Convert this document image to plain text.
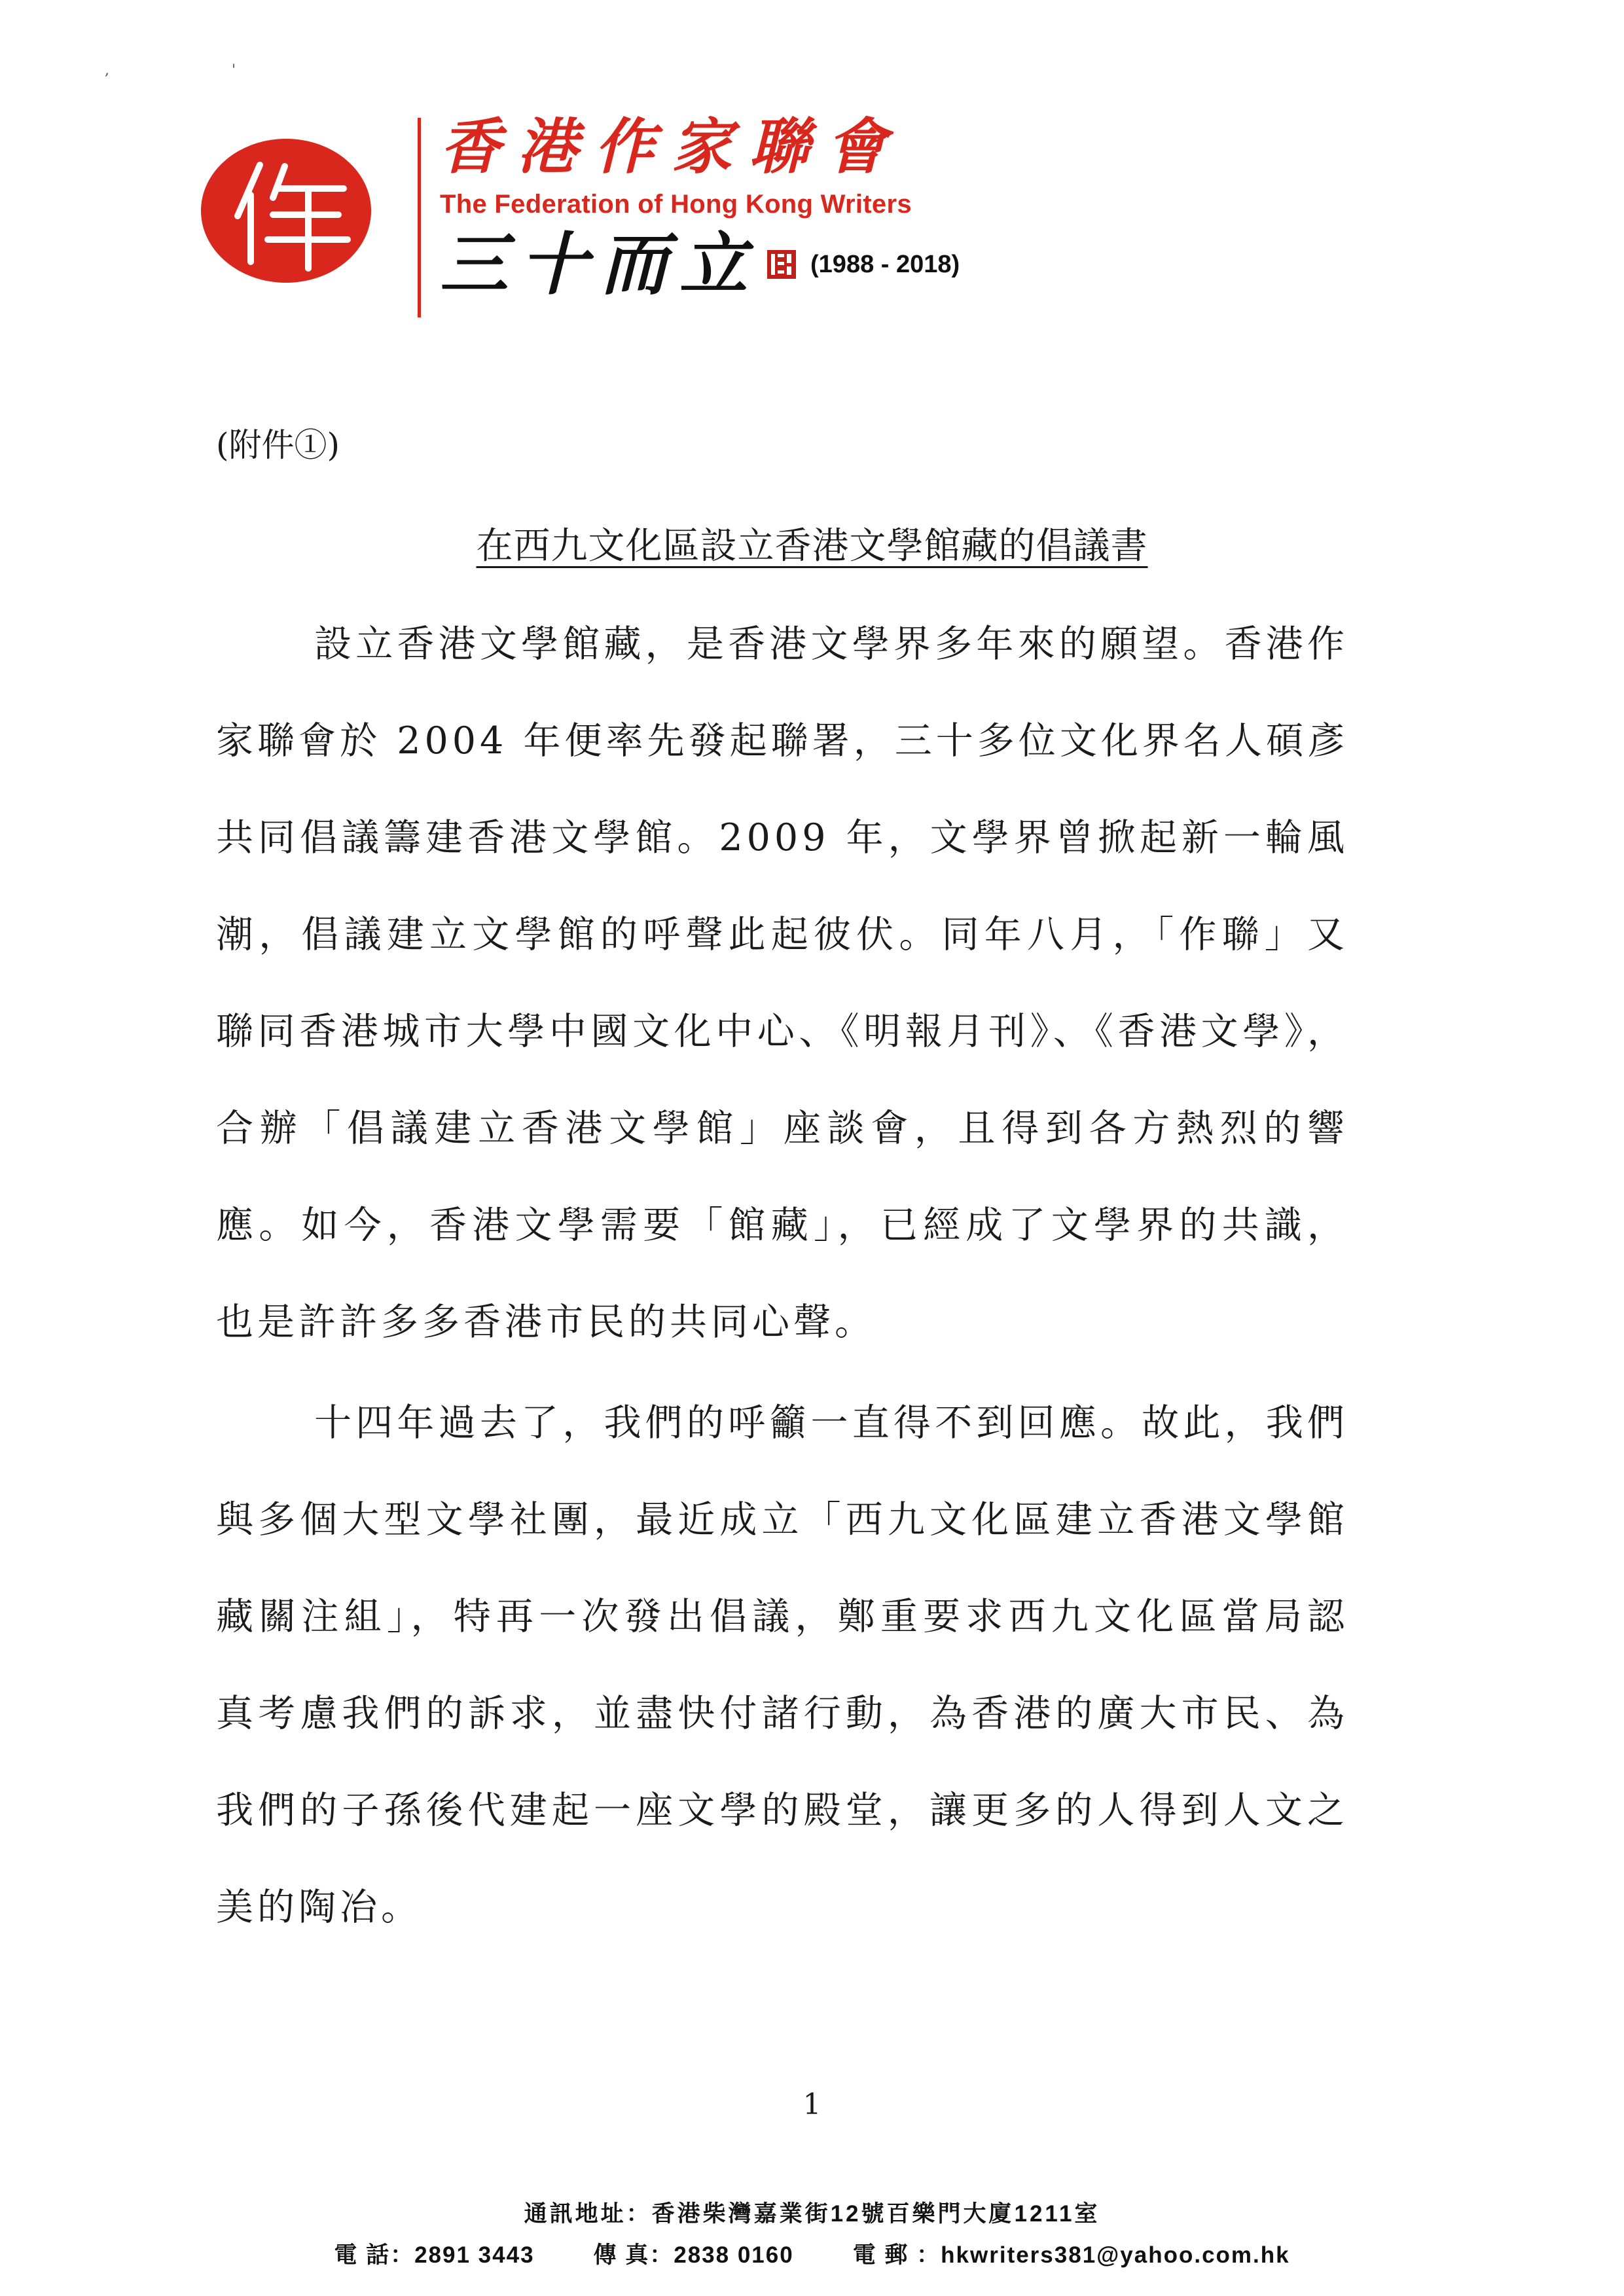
, '
香港作家聯會
The Federation of Hong Kong Writers
三十而立 (1988 - 2018)
(附件①)
在西九文化區設立香港文學館藏的倡議書

設立香港文學館藏，是香港文學界多年來的願望。香港作家聯會於 2004 年便率先發起聯署，三十多位文化界名人碩彥共同倡議籌建香港文學館。2009 年，文學界曾掀起新一輪風潮，倡議建立文學館的呼聲此起彼伏。同年八月，「作聯」又聯同香港城市大學中國文化中心、《明報月刊》、《香港文學》，合辦「倡議建立香港文學館」座談會，且得到各方熱烈的響應。如今，香港文學需要「館藏」，已經成了文學界的共識，也是許許多多香港市民的共同心聲。

十四年過去了，我們的呼籲一直得不到回應。故此，我們與多個大型文學社團，最近成立「西九文化區建立香港文學館藏關注組」，特再一次發出倡議，鄭重要求西九文化區當局認真考慮我們的訴求，並盡快付諸行動，為香港的廣大市民、為我們的子孫後代建起一座文學的殿堂，讓更多的人得到人文之美的陶冶。

1
通訊地址：香港柴灣嘉業街12號百樂門大廈1211室
電 話：2891 3443	傳 真：2838 0160	電 郵 ：hkwriters381@yahoo.com.hk
